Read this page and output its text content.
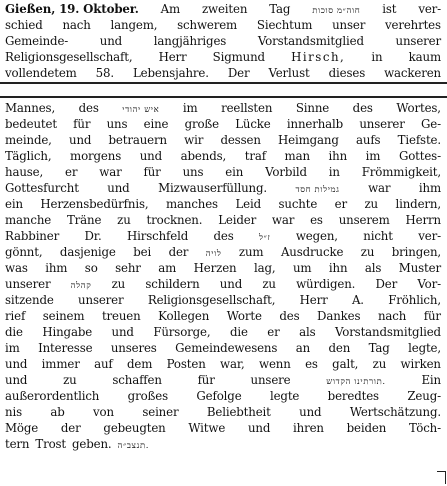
Gießen, 19. Oktober. Am zweiten Tag	חוה״מ סוכות ist ver-
schied nach langem, schwerem Siechtum unser verehrtes
Gemeinde-	und	langjähriges	Vorstandsmitglied	unserer
Religionsgesellschaft, Herr Sigmund Hirsch, in kaum
vollendetem 58. Lebensjahre. Der Verlust dieses wackeren
Mannes, des	איש יהודי im reellsten Sinne des Wortes,
bedeutet für uns eine große Lücke innerhalb unserer Ge-
meinde, und betrauern wir dessen Heimgang aufs Tiefste.
Täglich, morgens und abends, traf man ihn im Gottes-
hause, er war für uns ein Vorbild in Frömmigkeit,
Gottesfurcht und Mizwauserfüllung.	גמילות חסד war ihm
ein Herzensbedürfnis, manches Leid suchte er zu lindern,
manche Träne zu trocknen. Leider war es unserem Herrn
Rabbiner Dr. Hirschfeld des	ז״ל wegen, nicht ver-
gönnt, dasjenige bei der לויה zum Ausdrucke zu bringen,
was ihm so sehr am Herzen lag, um ihn als Muster
unserer קהלה zu schildern und zu würdigen. Der Vor-
sitzende unserer Religionsgesellschaft, Herr A. Fröhlich,
rief seinem treuen Kollegen Worte des Dankes nach für
die Hingabe und Fürsorge, die er als Vorstandsmitglied
im Interesse unseres Gemeindewesens an den Tag legte,
und immer auf dem Posten war, wenn es galt, zu wirken
und	zu	schaffen	für	unsere	תורתינו הקדוש.	Ein
außerordentlich großes Gefolge legte beredtes Zeug-
nis ab von seiner Beliebtheit und Wertschätzung.
Möge der gebeugten Witwe und ihren beiden Töch-
tern Trost geben. תנצב״ה.
